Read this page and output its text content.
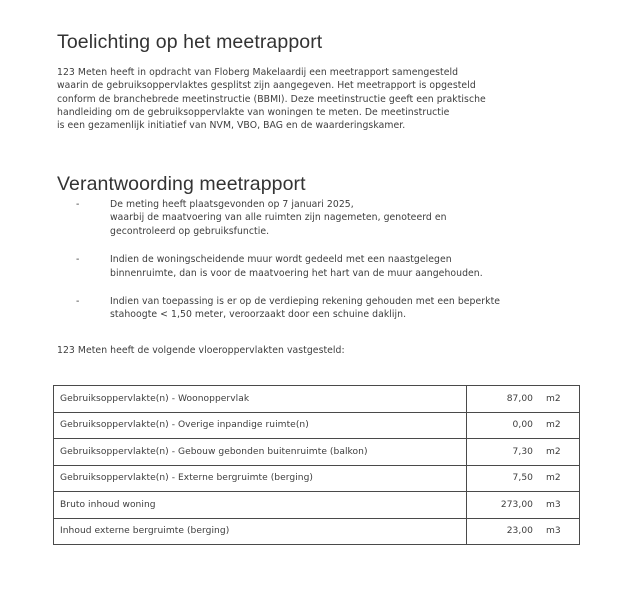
Toelichting op het meetrapport
123 Meten heeft in opdracht van Floberg Makelaardij een meetrapport samengesteld
waarin de gebruiksoppervlaktes gesplitst zijn aangegeven. Het meetrapport is opgesteld
conform de branchebrede meetinstructie (BBMI). Deze meetinstructie geeft een praktische
handleiding om de gebruiksoppervlakte van woningen te meten. De meetinstructie
is een gezamenlijk initiatief van NVM, VBO, BAG en de waarderingskamer.
Verantwoording meetrapport
-	De meting heeft plaatsgevonden op 7 januari 2025,
waarbij de maatvoering van alle ruimten zijn nagemeten, genoteerd en
gecontroleerd op gebruiksfunctie.
-	Indien de woningscheidende muur wordt gedeeld met een naastgelegen
binnenruimte, dan is voor de maatvoering het hart van de muur aangehouden.
-	Indien van toepassing is er op de verdieping rekening gehouden met een beperkte
stahoogte < 1,50 meter, veroorzaakt door een schuine daklijn.
123 Meten heeft de volgende vloeroppervlakten vastgesteld:
Gebruiksoppervlakte(n) - Woonoppervlak	87,00 m2

Gebruiksoppervlakte(n) - Overige inpandige ruimte(n)	0,00 m2

Gebruiksoppervlakte(n) - Gebouw gebonden buitenruimte (balkon)	7,30 m2

Gebruiksoppervlakte(n) - Externe bergruimte (berging)	7,50 m2

Bruto inhoud woning	273,00 m3

Inhoud externe bergruimte (berging)	23,00 m3
